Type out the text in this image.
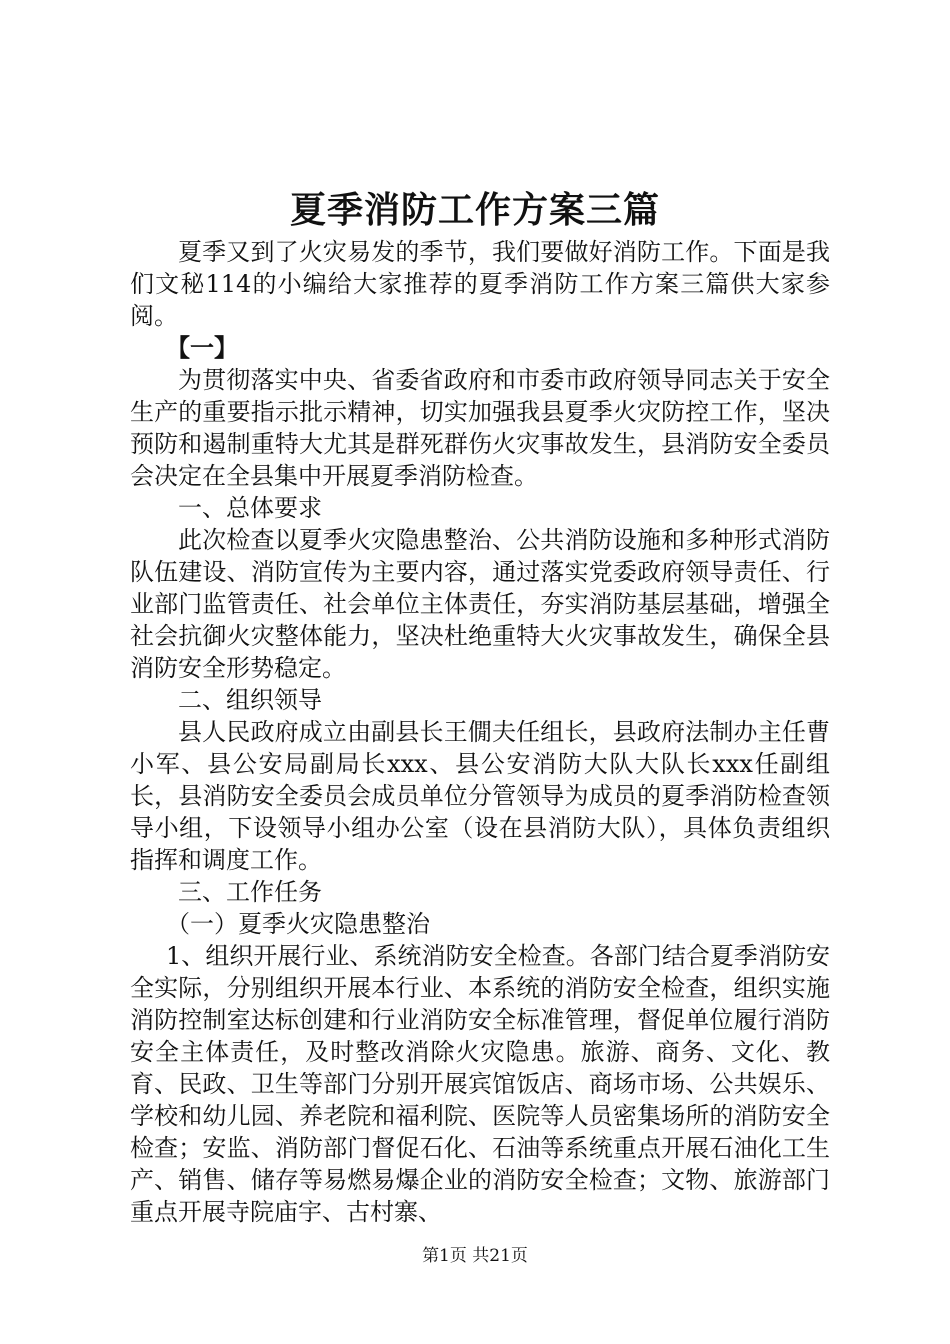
夏季消防工作方案三篇

夏季又到了火灾易发的季节，我们要做好消防工作。下面是我们文秘114的小编给大家推荐的夏季消防工作方案三篇供大家参阅。

【一】

为贯彻落实中央、省委省政府和市委市政府领导同志关于安全生产的重要指示批示精神，切实加强我县夏季火灾防控工作，坚决预防和遏制重特大尤其是群死群伤火灾事故发生，县消防安全委员会决定在全县集中开展夏季消防检查。

一、总体要求

此次检查以夏季火灾隐患整治、公共消防设施和多种形式消防队伍建设、消防宣传为主要内容，通过落实党委政府领导责任、行业部门监管责任、社会单位主体责任，夯实消防基层基础，增强全社会抗御火灾整体能力，坚决杜绝重特大火灾事故发生，确保全县消防安全形势稳定。

二、组织领导

县人民政府成立由副县长王僩夫任组长，县政府法制办主任曹小军、县公安局副局长xxx、县公安消防大队大队长xxx任副组长，县消防安全委员会成员单位分管领导为成员的夏季消防检查领导小组，下设领导小组办公室（设在县消防大队），具体负责组织指挥和调度工作。

三、工作任务

（一）夏季火灾隐患整治

1、组织开展行业、系统消防安全检查。各部门结合夏季消防安全实际，分别组织开展本行业、本系统的消防安全检查，组织实施消防控制室达标创建和行业消防安全标准管理，督促单位履行消防安全主体责任，及时整改消除火灾隐患。旅游、商务、文化、教育、民政、卫生等部门分别开展宾馆饭店、商场市场、公共娱乐、学校和幼儿园、养老院和福利院、医院等人员密集场所的消防安全检查；安监、消防部门督促石化、石油等系统重点开展石油化工生产、销售、储存等易燃易爆企业的消防安全检查；文物、旅游部门重点开展寺院庙宇、古村寨、

第1页 共21页
